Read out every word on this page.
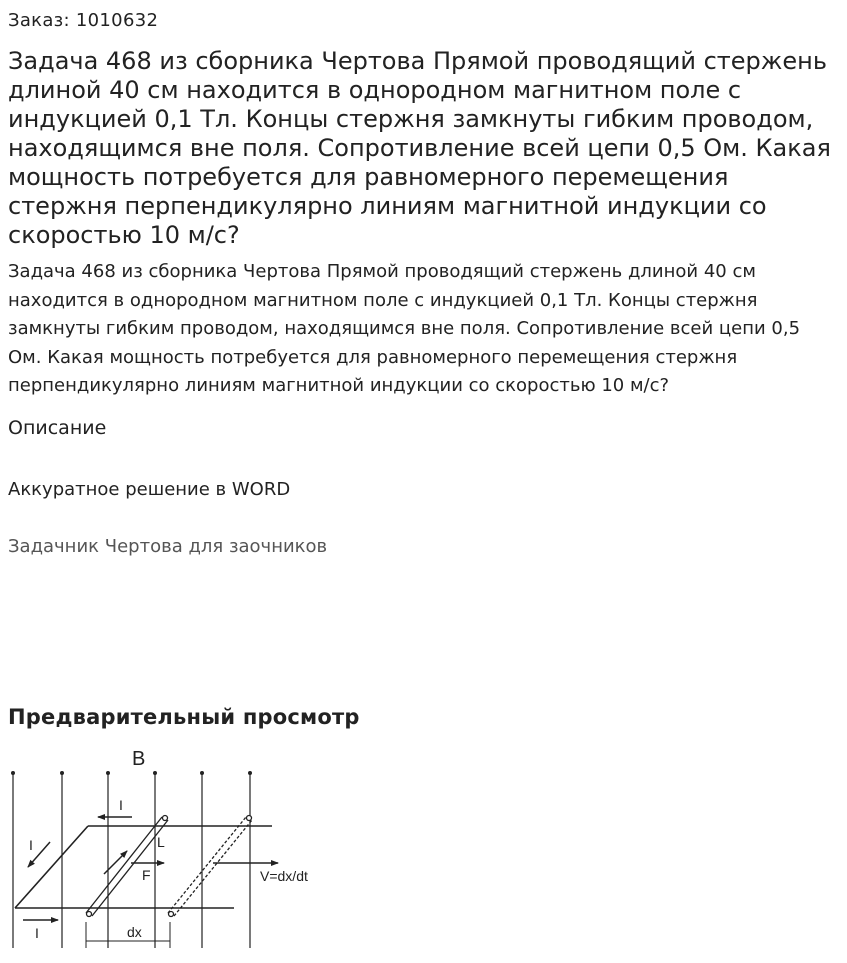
Заказ: 1010632
Задача 468 из сборника Чертова Прямой проводящий стержень длиной 40 см находится в однородном магнитном поле с индукцией 0,1 Тл. Концы стержня замкнуты гибким проводом, находящимся вне поля. Сопротивление всей цепи 0,5 Ом. Какая мощность потребуется для равномерного перемещения стержня перпендикулярно линиям магнитной индукции со скоростью 10 м/с?

Задача 468 из сборника Чертова Прямой проводящий стержень длиной 40 см находится в однородном магнитном поле с индукцией 0,1 Тл. Концы стержня замкнуты гибким проводом, находящимся вне поля. Сопротивление всей цепи 0,5 Ом. Какая мощность потребуется для равномерного перемещения стержня перпендикулярно линиям магнитной индукции со скоростью 10 м/с?

Описание
Аккуратное решение в WORD
Задачник Чертова для заочников
Предварительный просмотр
B
I
I
I
L
F	V=dx/dt
dx
